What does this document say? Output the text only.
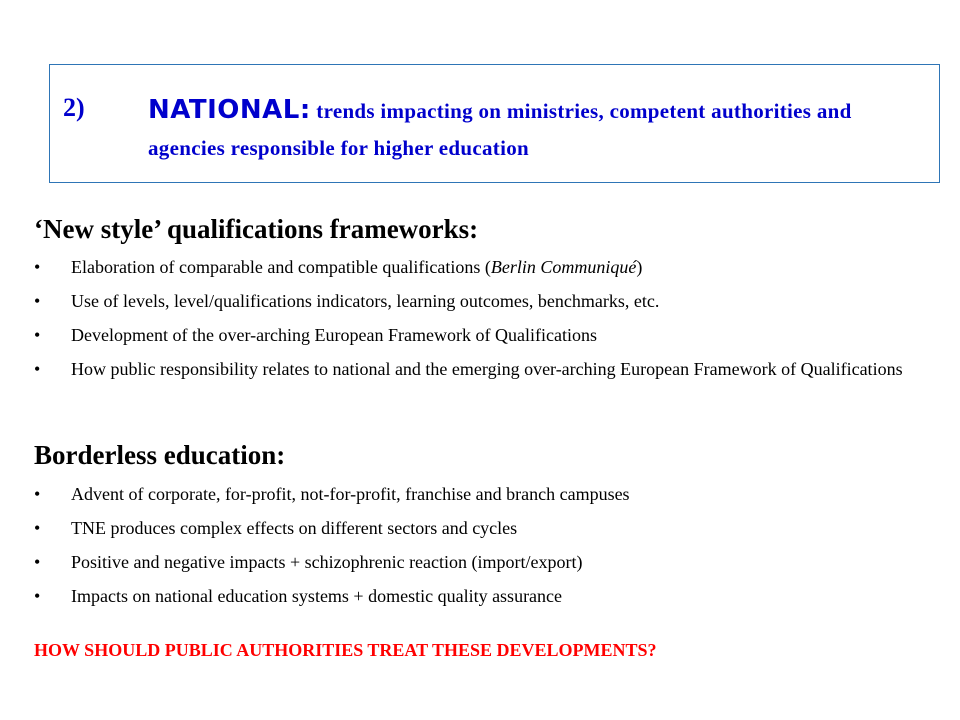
2) NATIONAL: trends impacting on ministries, competent authorities and agencies responsible for higher education
‘New style’ qualifications frameworks:
• Elaboration of comparable and compatible qualifications (Berlin Communiqué)
• Use of levels, level/qualifications indicators, learning outcomes, benchmarks, etc.
• Development of the over-arching European Framework of Qualifications
• How public responsibility relates to national and the emerging over-arching European Framework of Qualifications
Borderless education:
• Advent of corporate, for-profit, not-for-profit, franchise and branch campuses
• TNE produces complex effects on different sectors and cycles
• Positive and negative impacts + schizophrenic reaction (import/export)
• Impacts on national education systems + domestic quality assurance
HOW SHOULD PUBLIC AUTHORITIES TREAT THESE DEVELOPMENTS?
